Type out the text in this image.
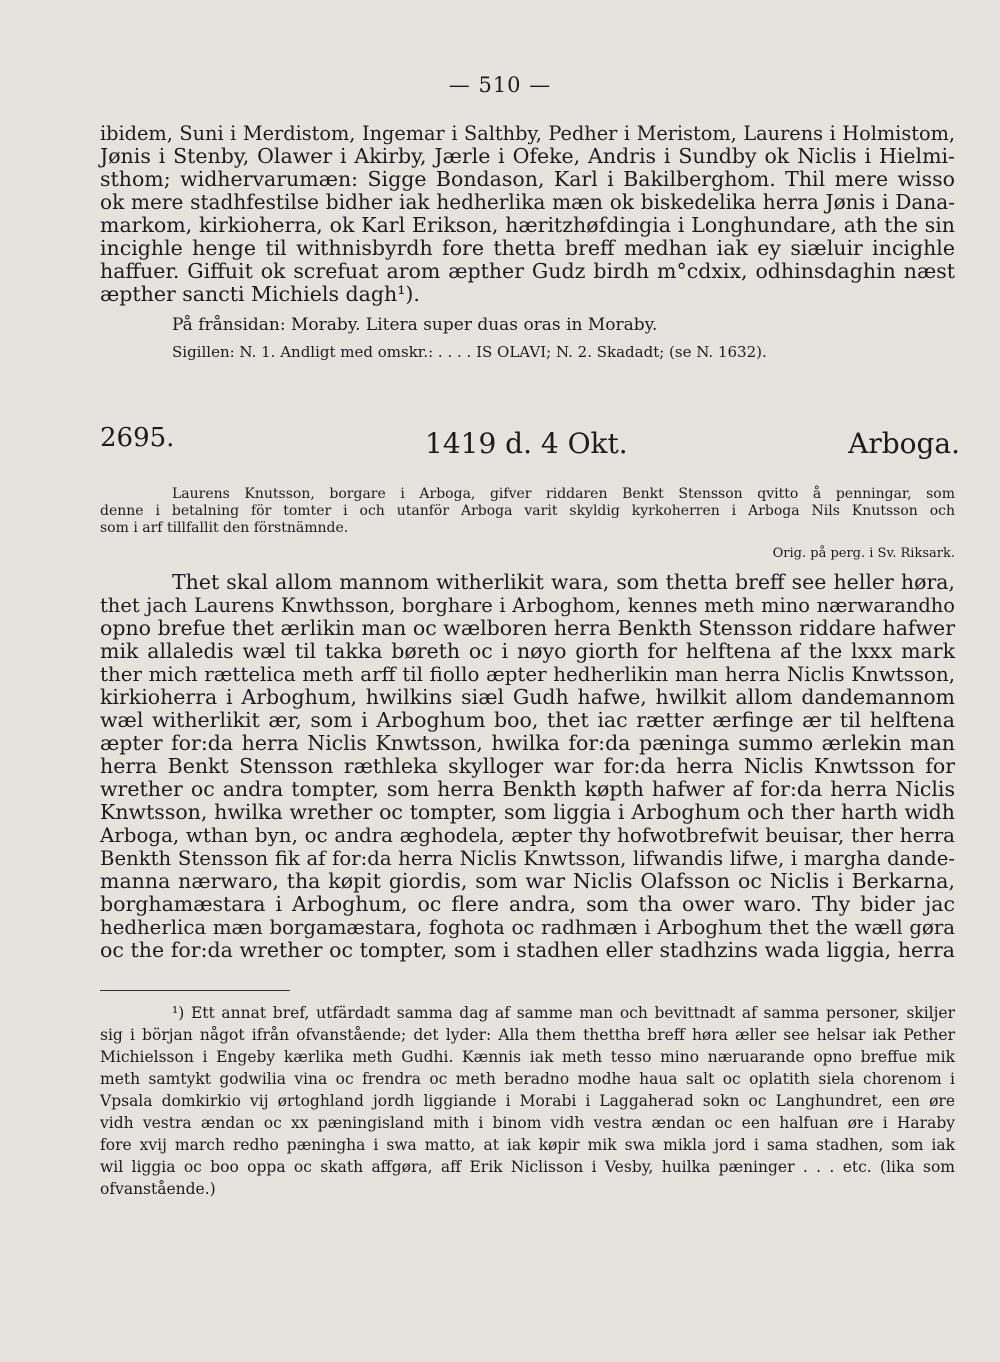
— 510 —
ibidem, Suni i Merdistom, Ingemar i Salthby, Pedher i Meristom, Laurens i Holmistom,
Jønis i Stenby, Olawer i Akirby, Jærle i Ofeke, Andris i Sundby ok Niclis i Hielmi-
sthom; widhervarumæn: Sigge Bondason, Karl i Bakilberghom. Thil mere wisso
ok mere stadhfestilse bidher iak hedherlika mæn ok biskedelika herra Jønis i Dana-
markom, kirkioherra, ok Karl Erikson, hæritzhøfdingia i Longhundare, ath the sin
incighle henge til withnisbyrdh fore thetta breff medhan iak ey siæluir incighle
haffuer. Giffuit ok screfuat arom æpther Gudz birdh m°cdxix, odhinsdaghin næst
æpther sancti Michiels dagh¹).
På frånsidan: Moraby. Litera super duas oras in Moraby.
Sigillen: N. 1. Andligt med omskr.: . . . . IS OLAVI; N. 2. Skadadt; (se N. 1632).
2695.	1419 d. 4 Okt.	Arboga.
Laurens Knutsson, borgare i Arboga, gifver riddaren Benkt Stensson qvitto å penningar, som
denne i betalning för tomter i och utanför Arboga varit skyldig kyrkoherren i Arboga Nils Knutsson och
som i arf tillfallit den förstnämnde.
Orig. på perg. i Sv. Riksark.
Thet skal allom mannom witherlikit wara, som thetta breff see heller høra,
thet jach Laurens Knwthsson, borghare i Arboghom, kennes meth mino nærwarandho
opno brefue thet ærlikin man oc wælboren herra Benkth Stensson riddare hafwer
mik allaledis wæl til takka børeth oc i nøyo giorth for helftena af the lxxx mark
ther mich rættelica meth arff til fiollo æpter hedherlikin man herra Niclis Knwtsson,
kirkioherra i Arboghum, hwilkins siæl Gudh hafwe, hwilkit allom dandemannom
wæl witherlikit ær, som i Arboghum boo, thet iac rætter ærfinge ær til helftena
æpter for:da herra Niclis Knwtsson, hwilka for:da pæninga summo ærlekin man
herra Benkt Stensson ræthleka skylloger war for:da herra Niclis Knwtsson for
wrether oc andra tompter, som herra Benkth køpth hafwer af for:da herra Niclis
Knwtsson, hwilka wrether oc tompter, som liggia i Arboghum och ther harth widh
Arboga, wthan byn, oc andra æghodela, æpter thy hofwotbrefwit beuisar, ther herra
Benkth Stensson fik af for:da herra Niclis Knwtsson, lifwandis lifwe, i margha dande-
manna nærwaro, tha køpit giordis, som war Niclis Olafsson oc Niclis i Berkarna,
borghamæstara i Arboghum, oc flere andra, som tha ower waro. Thy bider jac
hedherlica mæn borgamæstara, foghota oc radhmæn i Arboghum thet the wæll gøra
oc the for:da wrether oc tompter, som i stadhen eller stadhzins wada liggia, herra
¹) Ett annat bref, utfärdadt samma dag af samme man och bevittnadt af samma personer, skiljer
sig i början något ifrån ofvanstående; det lyder: Alla them thettha breff høra æller see helsar iak Pether
Michielsson i Engeby kærlika meth Gudhi. Kænnis iak meth tesso mino næruarande opno breffue mik
meth samtykt godwilia vina oc frendra oc meth beradno modhe haua salt oc oplatith siela chorenom i
Vpsala domkirkio vij ørtoghland jordh liggiande i Morabi i Laggaherad sokn oc Langhundret, een øre
vidh vestra ændan oc xx pæningisland mith i binom vidh vestra ændan oc een halfuan øre i Haraby
fore xvij march redho pæningha i swa matto, at iak køpir mik swa mikla jord i sama stadhen, som iak
wil liggia oc boo oppa oc skath affgøra, aff Erik Niclisson i Vesby, huilka pæninger . . . etc. (lika som
ofvanstående.)
